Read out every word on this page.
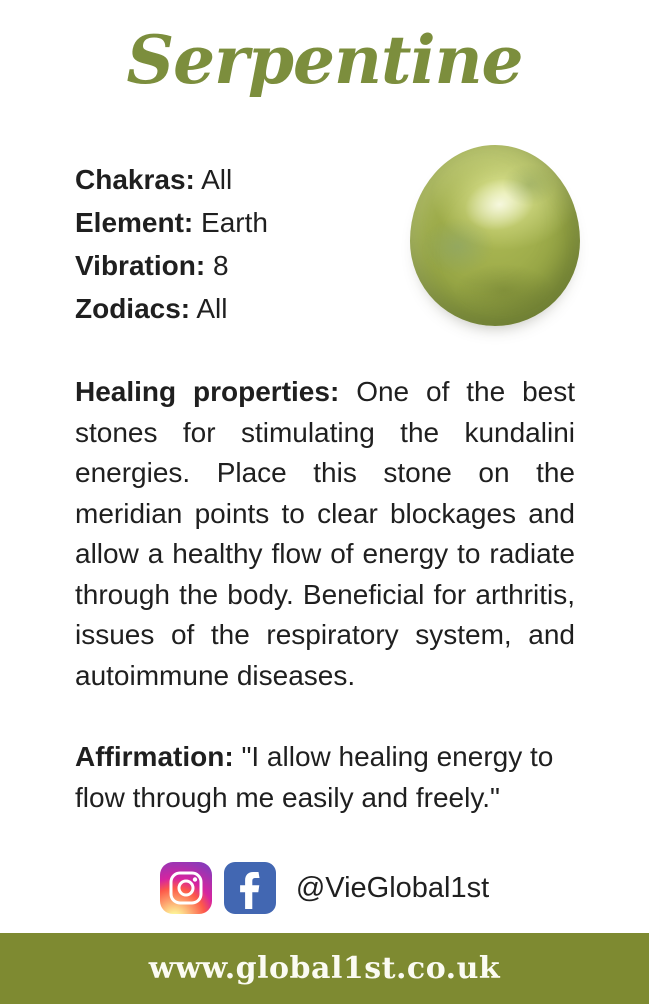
Serpentine
Chakras: All
Element: Earth
Vibration: 8
Zodiacs: All

Healing properties: One of the best stones for stimulating the kundalini energies. Place this stone on the meridian points to clear blockages and allow a healthy flow of energy to radiate through the body. Beneficial for arthritis, issues of the respiratory system, and autoimmune diseases.

Affirmation: "I allow healing energy to flow through me easily and freely."

@VieGlobal1st
www.global1st.co.uk
